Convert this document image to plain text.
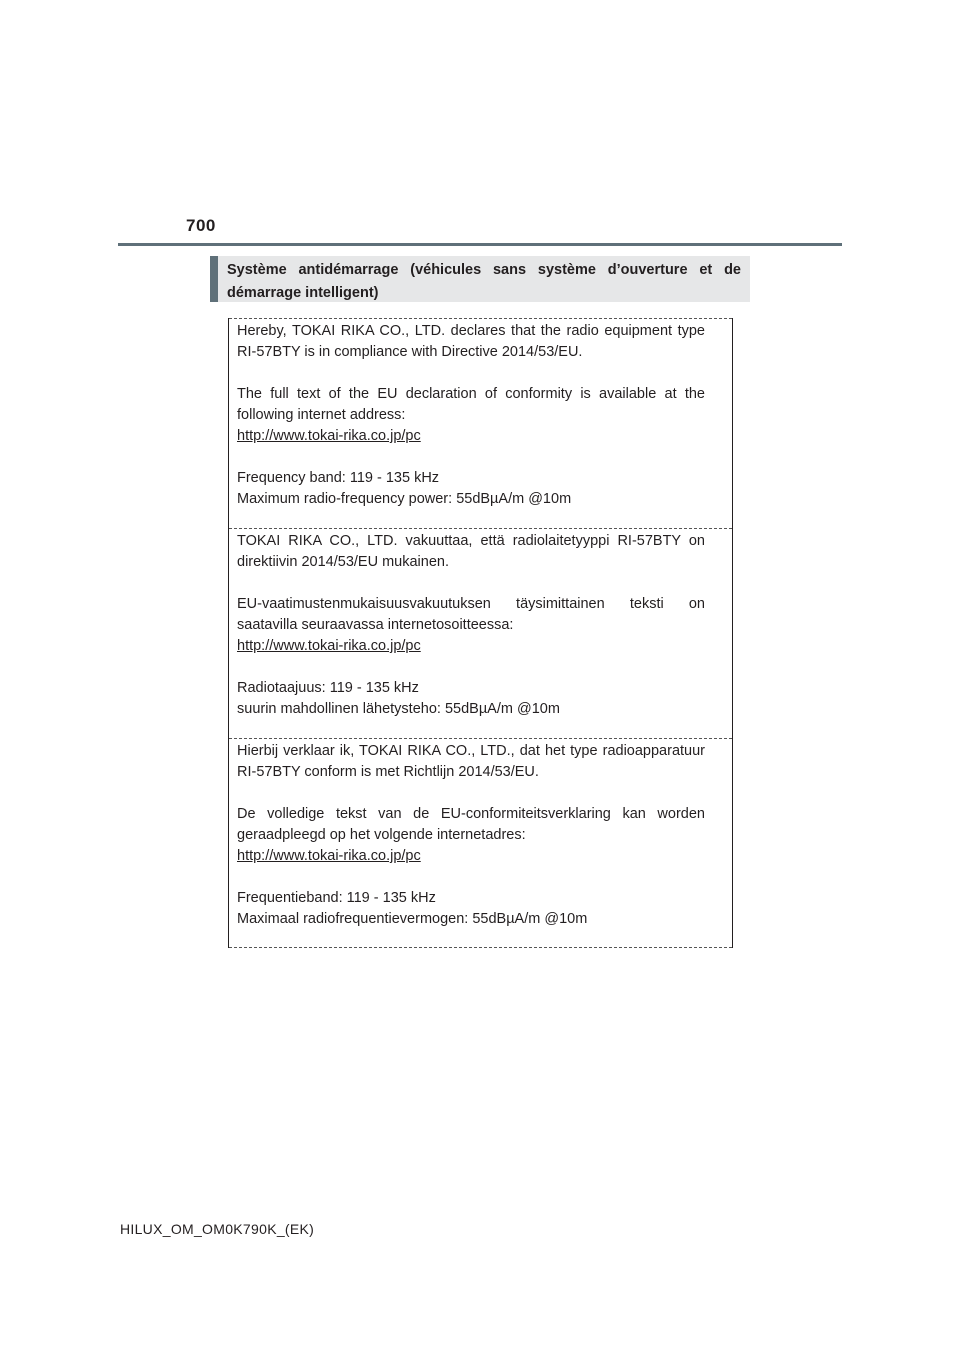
700
Système antidémarrage (véhicules sans système d’ouverture et de démarrage intelligent)

Hereby, TOKAI RIKA CO., LTD. declares that the radio equipment type RI-57BTY is in compliance with Directive 2014/53/EU.

The full text of the EU declaration of conformity is available at the following internet address:

http://www.tokai-rika.co.jp/pc

Frequency band: 119 - 135 kHz

Maximum radio-frequency power: 55dBµA/m @10m

TOKAI RIKA CO., LTD. vakuuttaa, että radiolaitetyyppi RI-57BTY on direktiivin 2014/53/EU mukainen.

EU-vaatimustenmukaisuusvakuutuksen täysimittainen teksti on saatavilla seuraavassa internetosoitteessa:

http://www.tokai-rika.co.jp/pc

Radiotaajuus: 119 - 135 kHz

suurin mahdollinen lähetysteho: 55dBµA/m @10m

Hierbij verklaar ik, TOKAI RIKA CO., LTD., dat het type radioapparatuur RI-57BTY conform is met Richtlijn 2014/53/EU.

De volledige tekst van de EU-conformiteitsverklaring kan worden geraadpleegd op het volgende internetadres:

http://www.tokai-rika.co.jp/pc

Frequentieband: 119 - 135 kHz

Maximaal radiofrequentievermogen: 55dBµA/m @10m

HILUX_OM_OM0K790K_(EK)
